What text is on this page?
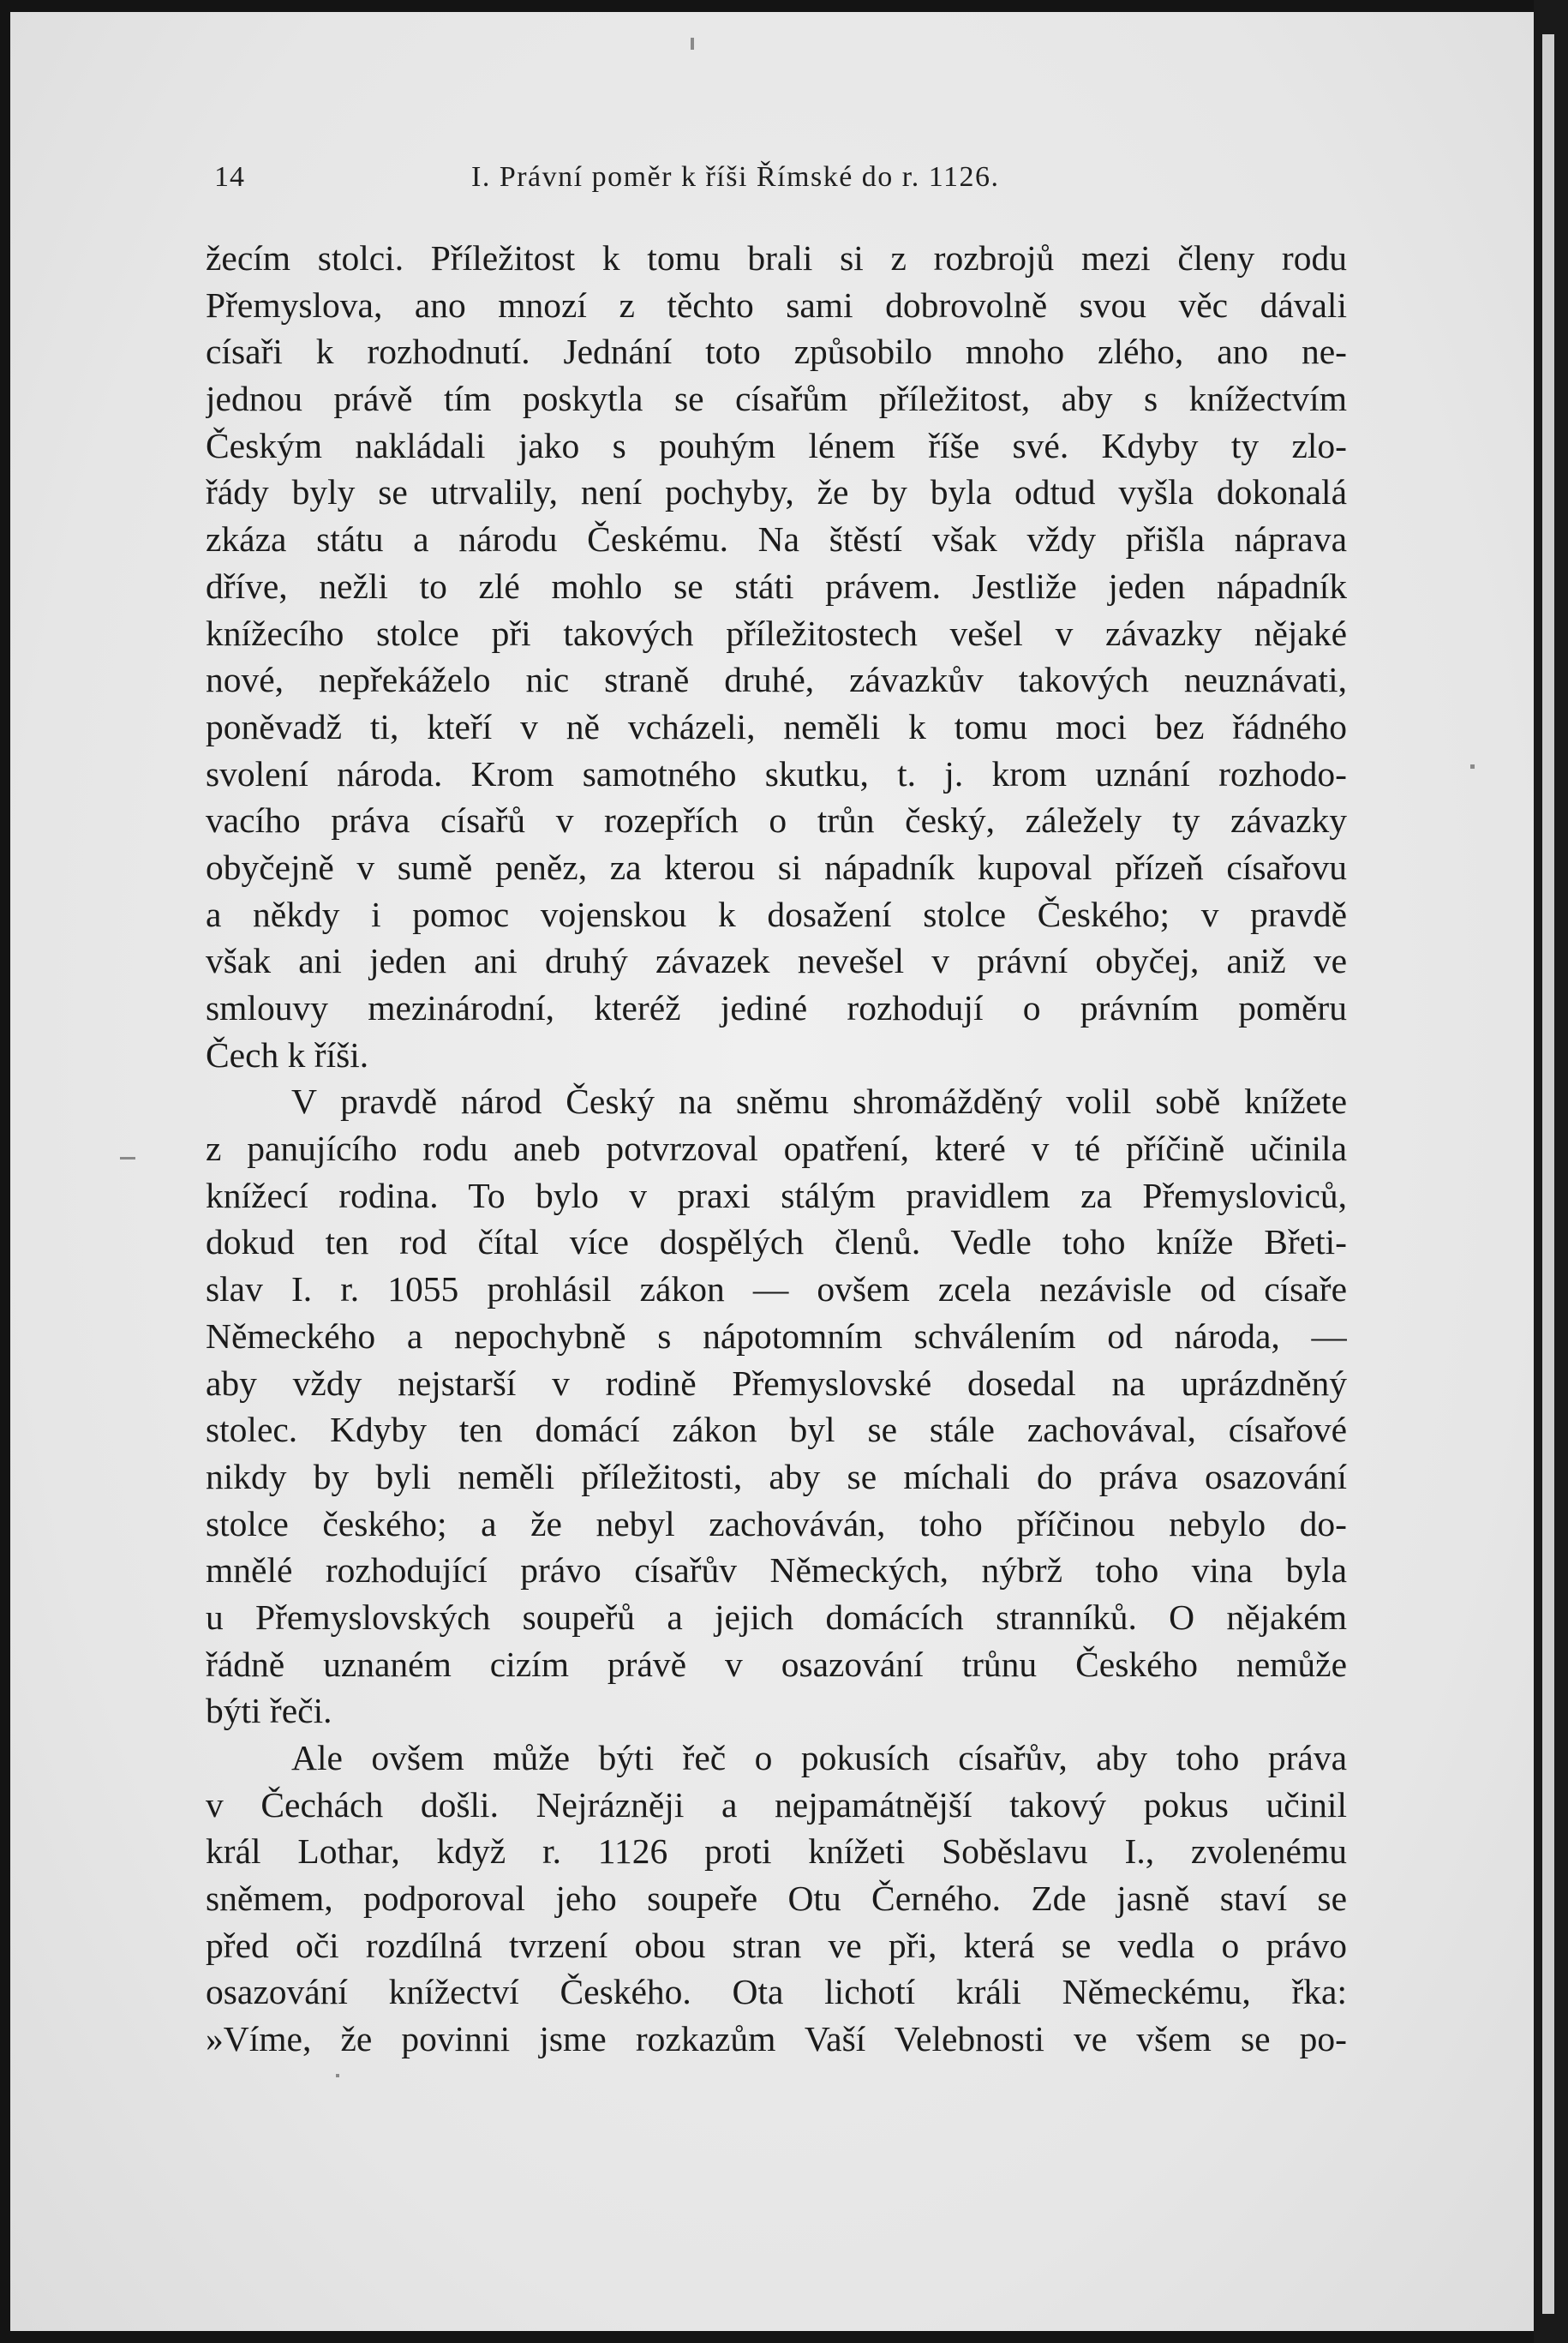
14	I. Právní poměr k říši Římské do r. 1126.

žecím stolci. Příležitost k tomu brali si z rozbrojů mezi členy rodu
Přemyslova, ano mnozí z těchto sami dobrovolně svou věc dávali
císaři k rozhodnutí. Jednání toto způsobilo mnoho zlého, ano ne-
jednou právě tím poskytla se císařům příležitost, aby s knížectvím
Českým nakládali jako s pouhým lénem říše své. Kdyby ty zlo-
řády byly se utrvalily, není pochyby, že by byla odtud vyšla dokonalá
zkáza státu a národu Českému. Na štěstí však vždy přišla náprava
dříve, nežli to zlé mohlo se státi právem. Jestliže jeden nápadník
knížecího stolce při takových příležitostech vešel v závazky nějaké
nové, nepřekáželo nic straně druhé, závazkův takových neuznávati,
poněvadž ti, kteří v ně vcházeli, neměli k tomu moci bez řádného
svolení národa. Krom samotného skutku, t. j. krom uznání rozhodo-
vacího práva císařů v rozepřích o trůn český, záležely ty závazky
obyčejně v sumě peněz, za kterou si nápadník kupoval přízeň císařovu
a někdy i pomoc vojenskou k dosažení stolce Českého; v pravdě
však ani jeden ani druhý závazek nevešel v právní obyčej, aniž ve
smlouvy mezinárodní, kteréž jediné rozhodují o právním poměru
Čech k říši.

V pravdě národ Český na sněmu shromážděný volil sobě knížete
z panujícího rodu aneb potvrzoval opatření, které v té příčině učinila
knížecí rodina. To bylo v praxi stálým pravidlem za Přemysloviců,
dokud ten rod čítal více dospělých členů. Vedle toho kníže Břeti-
slav I. r. 1055 prohlásil zákon — ovšem zcela nezávisle od císaře
Německého a nepochybně s nápotomním schválením od národa, —
aby vždy nejstarší v rodině Přemyslovské dosedal na uprázdněný
stolec. Kdyby ten domácí zákon byl se stále zachovával, císařové
nikdy by byli neměli příležitosti, aby se míchali do práva osazování
stolce českého; a že nebyl zachováván, toho příčinou nebylo do-
mnělé rozhodující právo císařův Německých, nýbrž toho vina byla
u Přemyslovských soupeřů a jejich domácích stranníků. O nějakém
řádně uznaném cizím právě v osazování trůnu Českého nemůže
býti řeči.

Ale ovšem může býti řeč o pokusích císařův, aby toho práva
v Čechách došli. Nejrázněji a nejpamátnější takový pokus učinil
král Lothar, když r. 1126 proti knížeti Soběslavu I., zvolenému
sněmem, podporoval jeho soupeře Otu Černého. Zde jasně staví se
před oči rozdílná tvrzení obou stran ve při, která se vedla o právo
osazování knížectví Českého. Ota lichotí králi Německému, řka:
»Víme, že povinni jsme rozkazům Vaší Velebnosti ve všem se po-
